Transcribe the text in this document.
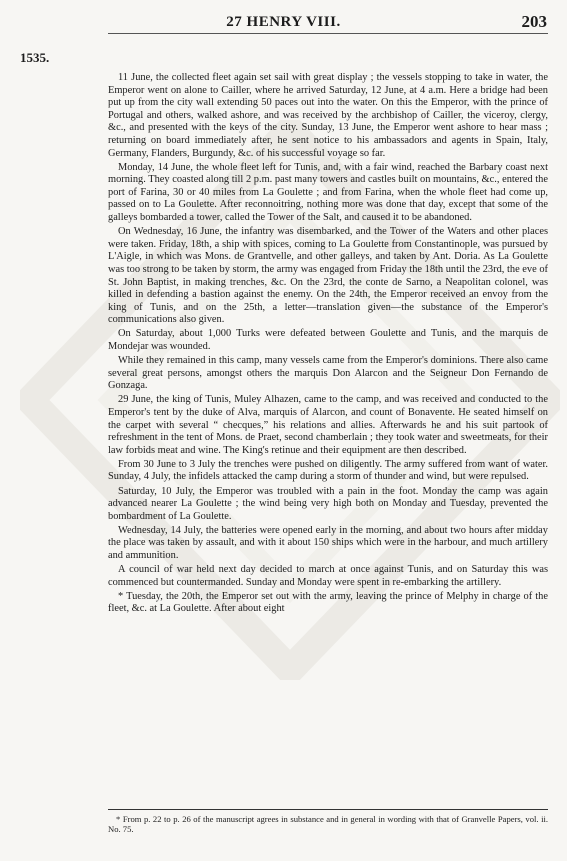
27 HENRY VIII.	203
1535.

11 June, the collected fleet again set sail with great display ; the vessels stopping to take in water, the Emperor went on alone to Cailler, where he arrived Saturday, 12 June, at 4 a.m. Here a bridge had been put up from the city wall extending 50 paces out into the water. On this the Emperor, with the prince of Portugal and others, walked ashore, and was received by the archbishop of Cailler, the viceroy, clergy, &c., and presented with the keys of the city. Sunday, 13 June, the Emperor went ashore to hear mass ; returning on board immediately after, he sent notice to his ambassadors and agents in Spain, Italy, Germany, Flanders, Burgundy, &c. of his successful voyage so far.

Monday, 14 June, the whole fleet left for Tunis, and, with a fair wind, reached the Barbary coast next morning. They coasted along till 2 p.m. past many towers and castles built on mountains, &c., entered the port of Farina, 30 or 40 miles from La Goulette ; and from Farina, when the whole fleet had come up, passed on to La Goulette. After reconnoitring, nothing more was done that day, except that some of the galleys bombarded a tower, called the Tower of the Salt, and caused it to be abandoned.

On Wednesday, 16 June, the infantry was disembarked, and the Tower of the Waters and other places were taken. Friday, 18th, a ship with spices, coming to La Goulette from Constantinople, was pursued by L'Aigle, in which was Mons. de Grantvelle, and other galleys, and taken by Ant. Doria. As La Goulette was too strong to be taken by storm, the army was engaged from Friday the 18th until the 23rd, the eve of St. John Baptist, in making trenches, &c. On the 23rd, the conte de Sarno, a Neapolitan colonel, was killed in defending a bastion against the enemy. On the 24th, the Emperor received an envoy from the king of Tunis, and on the 25th, a letter—translation given—the substance of the Emperor's communications also given.

On Saturday, about 1,000 Turks were defeated between Goulette and Tunis, and the marquis de Mondejar was wounded.

While they remained in this camp, many vessels came from the Emperor's dominions. There also came several great persons, amongst others the marquis Don Alarcon and the Seigneur Don Fernando de Gonzaga.

29 June, the king of Tunis, Muley Alhazen, came to the camp, and was received and conducted to the Emperor's tent by the duke of Alva, marquis of Alarcon, and count of Bonavente. He seated himself on the carpet with several “ checques,” his relations and allies. Afterwards he and his suit partook of refreshment in the tent of Mons. de Praet, second chamberlain ; they took water and sweetmeats, for their law forbids meat and wine. The King's retinue and their equipment are then described.

From 30 June to 3 July the trenches were pushed on diligently. The army suffered from want of water. Sunday, 4 July, the infidels attacked the camp during a storm of thunder and wind, but were repulsed.

Saturday, 10 July, the Emperor was troubled with a pain in the foot. Monday the camp was again advanced nearer La Goulette ; the wind being very high both on Monday and Tuesday, prevented the bombardment of La Goulette.

Wednesday, 14 July, the batteries were opened early in the morning, and about two hours after midday the place was taken by assault, and with it about 150 ships which were in the harbour, and much artillery and ammunition.

A council of war held next day decided to march at once against Tunis, and on Saturday this was commenced but countermanded. Sunday and Monday were spent in re-embarking the artillery.

* Tuesday, the 20th, the Emperor set out with the army, leaving the prince of Melphy in charge of the fleet, &c. at La Goulette. After about eight

* From p. 22 to p. 26 of the manuscript agrees in substance and in general in wording with that of Granvelle Papers, vol. ii. No. 75.
